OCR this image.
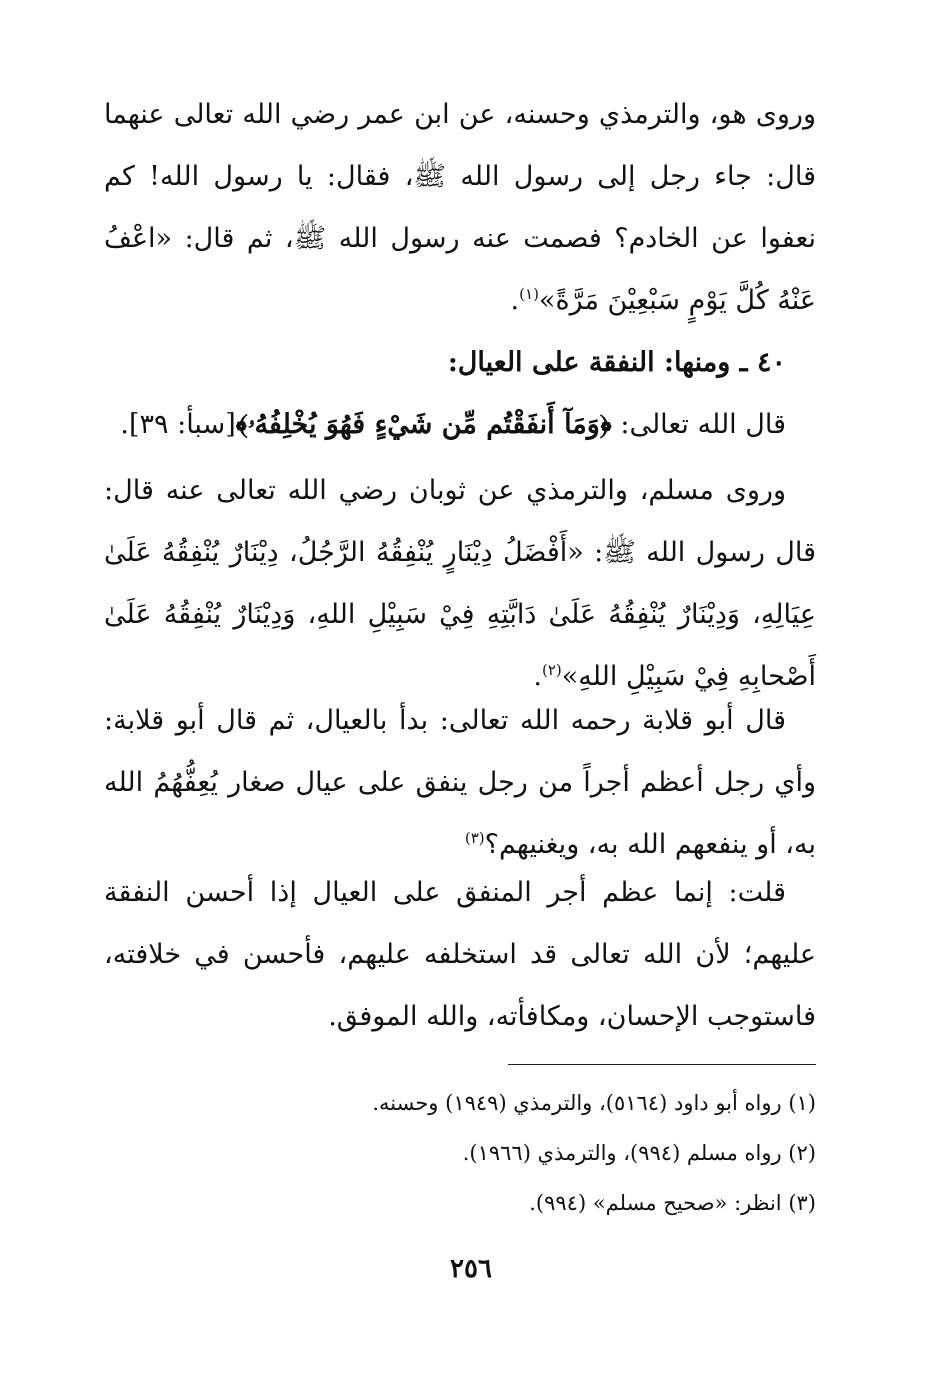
وروى هو، والترمذي وحسنه، عن ابن عمر رضي الله تعالى عنهما قال: جاء رجل إلى رسول الله ﷺ، فقال: يا رسول الله! كم نعفوا عن الخادم؟ فصمت عنه رسول الله ﷺ، ثم قال: «اعْفُ عَنْهُ كُلَّ يَوْمٍ سَبْعِيْنَ مَرَّةً»$^{(١)}$.

٤٠ ـ ومنها: النفقة على العيال:

قال الله تعالى: ﴿وَمَآ أَنفَقْتُم مِّن شَيْءٍ فَهُوَ يُخْلِفُهُۥ﴾[سبأ: ٣٩].

وروى مسلم، والترمذي عن ثوبان رضي الله تعالى عنه قال: قال رسول الله ﷺ: «أَفْضَلُ دِيْنَارٍ يُنْفِقُهُ الرَّجُلُ، دِيْنَارٌ يُنْفِقُهُ عَلَىٰ عِيَالِهِ، وَدِيْنَارٌ يُنْفِقُهُ عَلَىٰ دَابَّتِهِ فِيْ سَبِيْلِ اللهِ، وَدِيْنَارٌ يُنْفِقُهُ عَلَىٰ أَصْحابِهِ فِيْ سَبِيْلِ اللهِ»$^{(٢)}$.

قال أبو قلابة رحمه الله تعالى: بدأ بالعيال، ثم قال أبو قلابة: وأي رجل أعظم أجراً من رجل ينفق على عيال صغار يُعِفُّهُمُ الله به، أو ينفعهم الله به، ويغنيهم؟$^{(٣)}$

قلت: إنما عظم أجر المنفق على العيال إذا أحسن النفقة عليهم؛ لأن الله تعالى قد استخلفه عليهم، فأحسن في خلافته، فاستوجب الإحسان، ومكافأته، والله الموفق.

(١) رواه أبو داود (٥١٦٤)، والترمذي (١٩٤٩) وحسنه.

(٢) رواه مسلم (٩٩٤)، والترمذي (١٩٦٦).

(٣) انظر: «صحيح مسلم» (٩٩٤).

٢٥٦
